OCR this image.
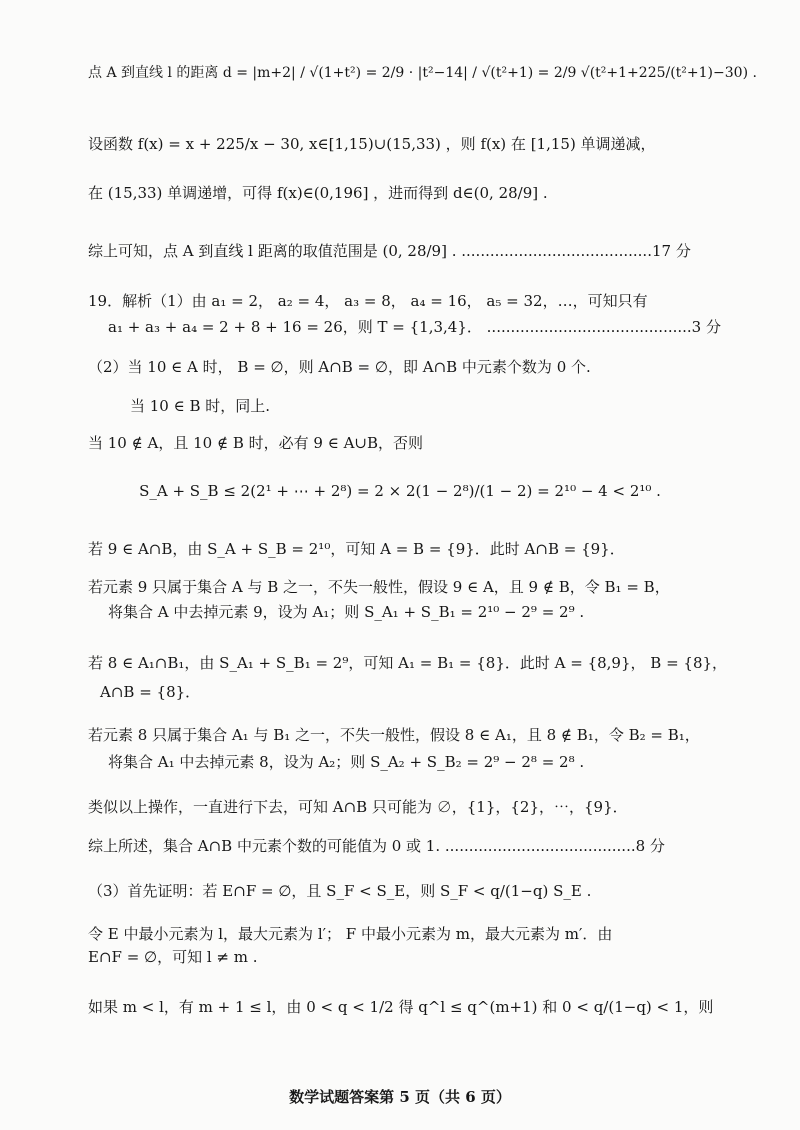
点 A 到直线 l 的距离 d = |m+2| / √(1+t²) = 2/9 · |t²−14| / √(t²+1) = 2/9 √(t²+1+225/(t²+1)−30) .
设函数 f(x) = x + 225/x − 30, x∈[1,15)∪(15,33) ，则 f(x) 在 [1,15) 单调递减，
在 (15,33) 单调递增，可得 f(x)∈(0,196] ，进而得到 d∈(0, 28/9] .
综上可知，点 A 到直线 l 距离的取值范围是 (0, 28/9] . ........................................17 分
19．解析（1）由 a₁ = 2， a₂ = 4， a₃ = 8， a₄ = 16， a₅ = 32，…，可知只有
a₁ + a₃ + a₄ = 2 + 8 + 16 = 26，则 T = {1,3,4}． ...........................................3 分
（2）当 10 ∈ A 时， B = ∅，则 A∩B = ∅，即 A∩B 中元素个数为 0 个.
当 10 ∈ B 时，同上.
当 10 ∉ A，且 10 ∉ B 时，必有 9 ∈ A∪B，否则
S_A + S_B ≤ 2(2¹ + ⋯ + 2⁸) = 2 × 2(1 − 2⁸)/(1 − 2) = 2¹⁰ − 4 < 2¹⁰ .
若 9 ∈ A∩B，由 S_A + S_B = 2¹⁰，可知 A = B = {9}．此时 A∩B = {9}．
若元素 9 只属于集合 A 与 B 之一，不失一般性，假设 9 ∈ A，且 9 ∉ B，令 B₁ = B，
将集合 A 中去掉元素 9，设为 A₁；则 S_A₁ + S_B₁ = 2¹⁰ − 2⁹ = 2⁹ .
若 8 ∈ A₁∩B₁，由 S_A₁ + S_B₁ = 2⁹，可知 A₁ = B₁ = {8}．此时 A = {8,9}， B = {8}，
A∩B = {8}．
若元素 8 只属于集合 A₁ 与 B₁ 之一，不失一般性，假设 8 ∈ A₁，且 8 ∉ B₁，令 B₂ = B₁，
将集合 A₁ 中去掉元素 8，设为 A₂；则 S_A₂ + S_B₂ = 2⁹ − 2⁸ = 2⁸ .
类似以上操作，一直进行下去，可知 A∩B 只可能为 ∅，{1}，{2}，⋯，{9}．
综上所述，集合 A∩B 中元素个数的可能值为 0 或 1. ........................................8 分
（3）首先证明：若 E∩F = ∅，且 S_F < S_E，则 S_F < q/(1−q) S_E .
令 E 中最小元素为 l，最大元素为 l′； F 中最小元素为 m，最大元素为 m′．由
E∩F = ∅，可知 l ≠ m .
如果 m < l，有 m + 1 ≤ l，由 0 < q < 1/2 得 q^l ≤ q^(m+1) 和 0 < q/(1−q) < 1，则
数学试题答案第 5 页（共 6 页）
